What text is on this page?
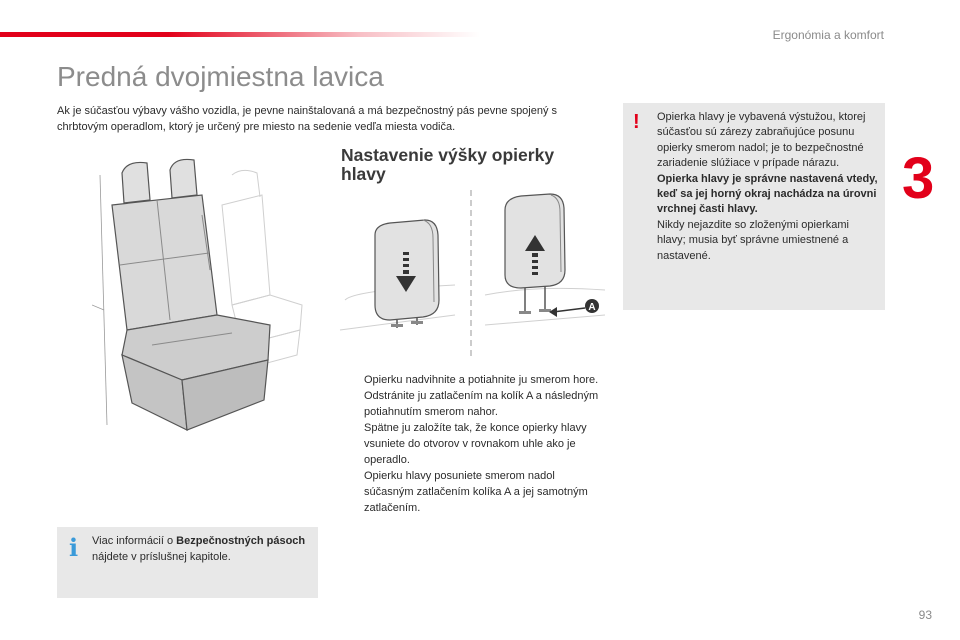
Ergonómia a komfort
3
Predná dvojmiestna lavica

Ak je súčasťou výbavy vášho vozidla, je pevne nainštalovaná a má bezpečnostný pás pevne spojený s chrbtovým operadlom, ktorý je určený pre miesto na sedenie vedľa miesta vodiča.

A
Nastavenie výšky opierky hlavy
Opierku nadvihnite a potiahnite ju smerom hore.
Odstránite ju zatlačením na kolík A a následným potiahnutím smerom nahor.
Spätne ju založíte tak, že konce opierky hlavy vsuniete do otvorov v rovnakom uhle ako je operadlo.
Opierku hlavy posuniete smerom nadol súčasným zatlačením kolíka A a jej samotným zatlačením.
! Opierka hlavy je vybavená výstužou, ktorej súčasťou sú zárezy zabraňujúce posunu opierky smerom nadol; je to bezpečnostné zariadenie slúžiace v prípade nárazu.
Opierka hlavy je správne nastavená vtedy, keď sa jej horný okraj nachádza na úrovni vrchnej časti hlavy.
Nikdy nejazdite so zloženými opierkami hlavy; musia byť správne umiestnené a nastavené.

i Viac informácií o Bezpečnostných pásoch nájdete v príslušnej kapitole.

93
